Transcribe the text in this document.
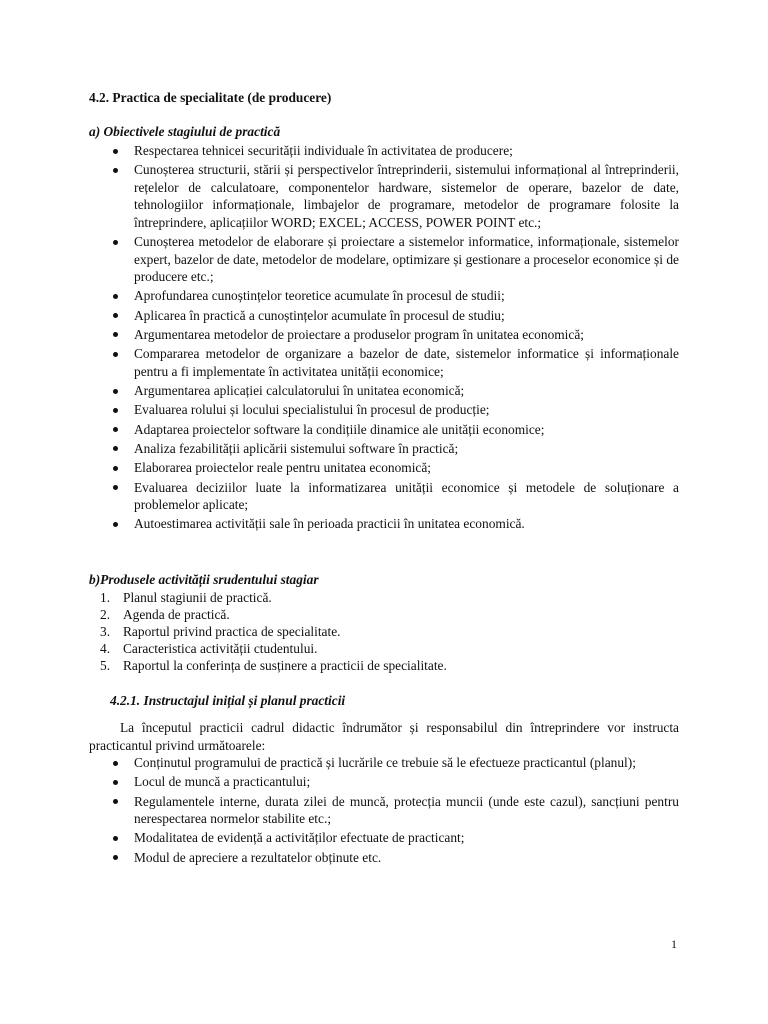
4.2. Practica de specialitate (de producere)
a) Obiectivele stagiului de practică
Respectarea tehnicei securității individuale în activitatea de producere;
Cunoșterea structurii, stării și perspectivelor întreprinderii, sistemului informațional al întreprinderii, rețelelor de calculatoare, componentelor hardware, sistemelor de operare, bazelor de date, tehnologiilor informaționale, limbajelor de programare, metodelor de programare folosite la întreprindere, aplicațiilor WORD; EXCEL; ACCESS, POWER POINT etc.;
Cunoșterea metodelor de elaborare și proiectare a sistemelor informatice, informaționale, sistemelor expert, bazelor de date, metodelor de modelare, optimizare și gestionare a proceselor economice și de producere etc.;
Aprofundarea cunoștințelor teoretice acumulate în procesul de studii;
Aplicarea în practică a cunoștințelor acumulate în procesul de studiu;
Argumentarea metodelor de proiectare a produselor program în unitatea economică;
Compararea metodelor de organizare a bazelor de date, sistemelor informatice și informaționale pentru a fi implementate în activitatea unității economice;
Argumentarea aplicației calculatorului în unitatea economică;
Evaluarea rolului și locului specialistului în procesul de producție;
Adaptarea proiectelor software la condițiile dinamice ale unității economice;
Analiza fezabilității aplicării sistemului software în practică;
Elaborarea proiectelor reale pentru unitatea economică;
Evaluarea deciziilor luate la informatizarea unității economice și metodele de soluționare a problemelor aplicate;
Autoestimarea activității sale în perioada practicii în unitatea economică.
b)Produsele activității srudentului stagiar
1. Planul stagiunii de practică.
2. Agenda de practică.
3. Raportul privind practica de specialitate.
4. Caracteristica activității ctudentului.
5. Raportul la conferința de susținere a practicii de specialitate.
4.2.1. Instructajul inițial și planul practicii
La începutul practicii cadrul didactic îndrumător și responsabilul din întreprindere vor instructa practicantul privind următoarele:
Conținutul programului de practică și lucrările ce trebuie să le efectueze practicantul (planul);
Locul de muncă a practicantului;
Regulamentele interne, durata zilei de muncă, protecția muncii (unde este cazul), sancțiuni pentru nerespectarea normelor stabilite etc.;
Modalitatea de evidență a activităților efectuate de practicant;
Modul de apreciere a rezultatelor obținute etc.
1
